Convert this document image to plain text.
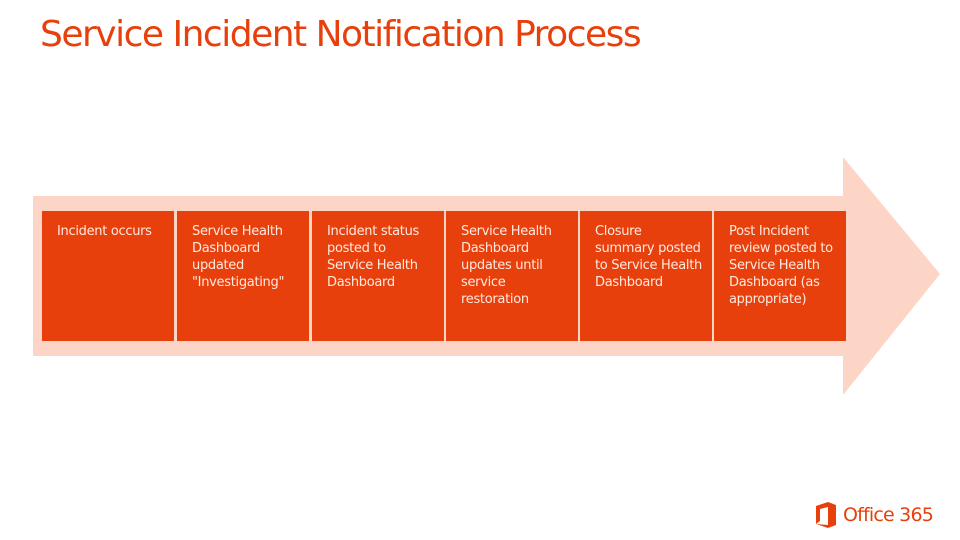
Service Incident Notification Process
Incident occurs	Service Health Dashboard updated "Investigating"
Incident status posted to Service Health Dashboard
Service Health Dashboard updates until service restoration
Closure summary posted to Service Health Dashboard
Post Incident review posted to Service Health Dashboard (as appropriate)
Office 365
